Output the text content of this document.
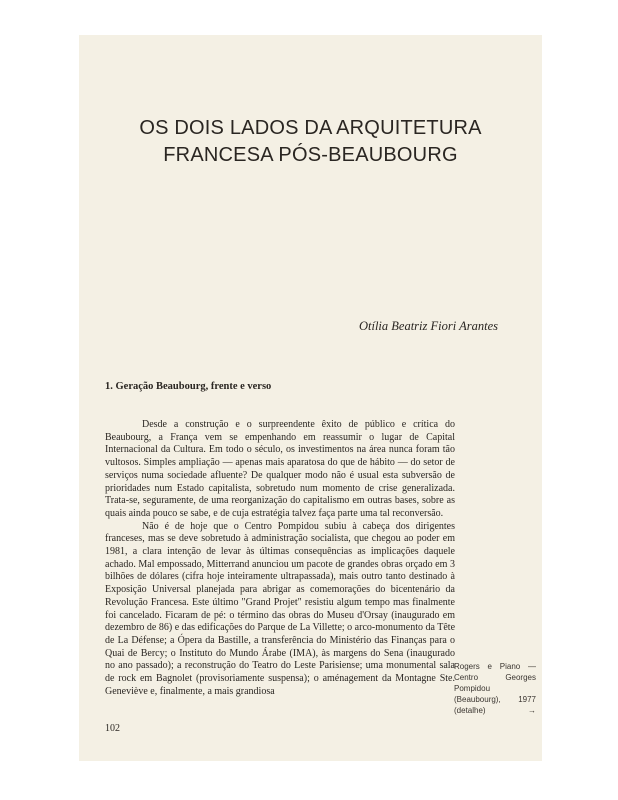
OS DOIS LADOS DA ARQUITETURA
FRANCESA PÓS-BEAUBOURG
Otília Beatriz Fiori Arantes
1. Geração Beaubourg, frente e verso

Desde a construção e o surpreendente êxito de público e crítica do Beaubourg, a França vem se empenhando em reassumir o lugar de Capital Internacional da Cultura. Em todo o século, os investimentos na área nunca foram tão vultosos. Simples ampliação — apenas mais aparatosa do que de hábito — do setor de serviços numa sociedade afluente? De qualquer modo não é usual esta subversão de prioridades num Estado capitalista, sobretudo num momento de crise generalizada. Trata-se, seguramente, de uma reorganização do capitalismo em outras bases, sobre as quais ainda pouco se sabe, e de cuja estratégia talvez faça parte uma tal reconversão.

Não é de hoje que o Centro Pompidou subiu à cabeça dos dirigentes franceses, mas se deve sobretudo à administração socialista, que chegou ao poder em 1981, a clara intenção de levar às últimas consequências as implicações daquele achado. Mal empossado, Mitterrand anunciou um pacote de grandes obras orçado em 3 bilhões de dólares (cifra hoje inteiramente ultrapassada), mais outro tanto destinado à Exposição Universal planejada para abrigar as comemorações do bicentenário da Revolução Francesa. Este último "Grand Projet" resistiu algum tempo mas finalmente foi cancelado. Ficaram de pé: o término das obras do Museu d'Orsay (inaugurado em dezembro de 86) e das edificações do Parque de La Villette; o arco-monumento da Tête de La Défense; a Ópera da Bastille, a transferência do Ministério das Finanças para o Quai de Bercy; o Instituto do Mundo Árabe (IMA), às margens do Sena (inaugurado no ano passado); a reconstrução do Teatro do Leste Parisiense; uma monumental sala de rock em Bagnolet (provisoriamente suspensa); o aménagement da Montagne Ste. Geneviève e, finalmente, a mais grandiosa

Rogers e Piano — Centro Georges Pompidou (Beaubourg), 1977 (detalhe)	→
102
